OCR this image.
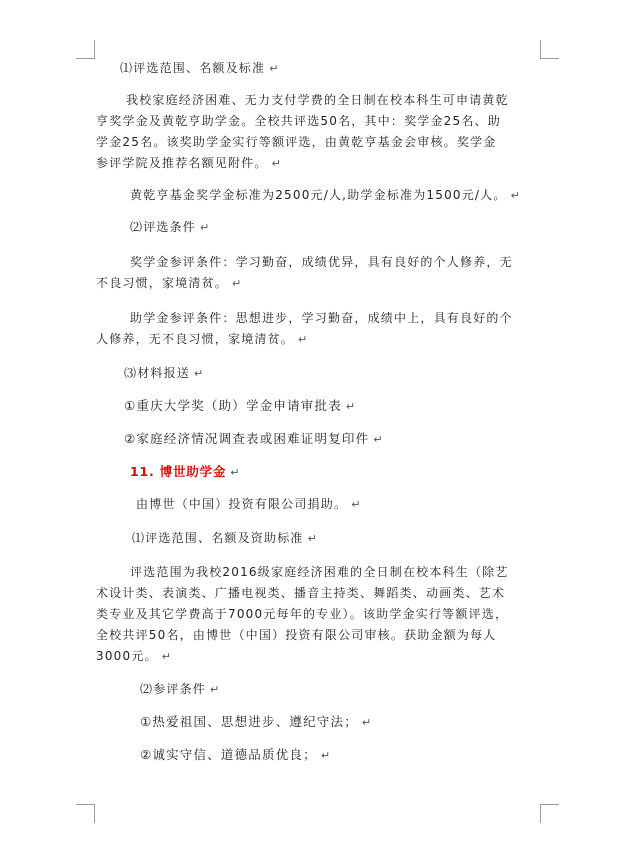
⑴评选范围、名额及标准 ↵

我校家庭经济困难、无力支付学费的全日制在校本科生可申请黄乾

亨奖学金及黄乾亨助学金。全校共评选50名，其中：奖学金25名、助

学金25名。该奖助学金实行等额评选，由黄乾亨基金会审核。奖学金

参评学院及推荐名额见附件。 ↵

黄乾亨基金奖学金标准为2500元/人,助学金标准为1500元/人。 ↵

⑵评选条件 ↵

奖学金参评条件：学习勤奋，成绩优异，具有良好的个人修养，无

不良习惯，家境清贫。 ↵

助学金参评条件：思想进步，学习勤奋，成绩中上，具有良好的个

人修养，无不良习惯，家境清贫。 ↵

⑶材料报送 ↵

①重庆大学奖（助）学金申请审批表 ↵

②家庭经济情况调查表或困难证明复印件 ↵

11. 博世助学金 ↵

由博世（中国）投资有限公司捐助。 ↵

⑴评选范围、名额及资助标准 ↵

评选范围为我校2016级家庭经济困难的全日制在校本科生（除艺

术设计类、表演类、广播电视类、播音主持类、舞蹈类、动画类、艺术

类专业及其它学费高于7000元每年的专业）。该助学金实行等额评选，

全校共评50名，由博世（中国）投资有限公司审核。获助金额为每人

3000元。 ↵

⑵参评条件 ↵

①热爱祖国、思想进步、遵纪守法； ↵

②诚实守信、道德品质优良； ↵
